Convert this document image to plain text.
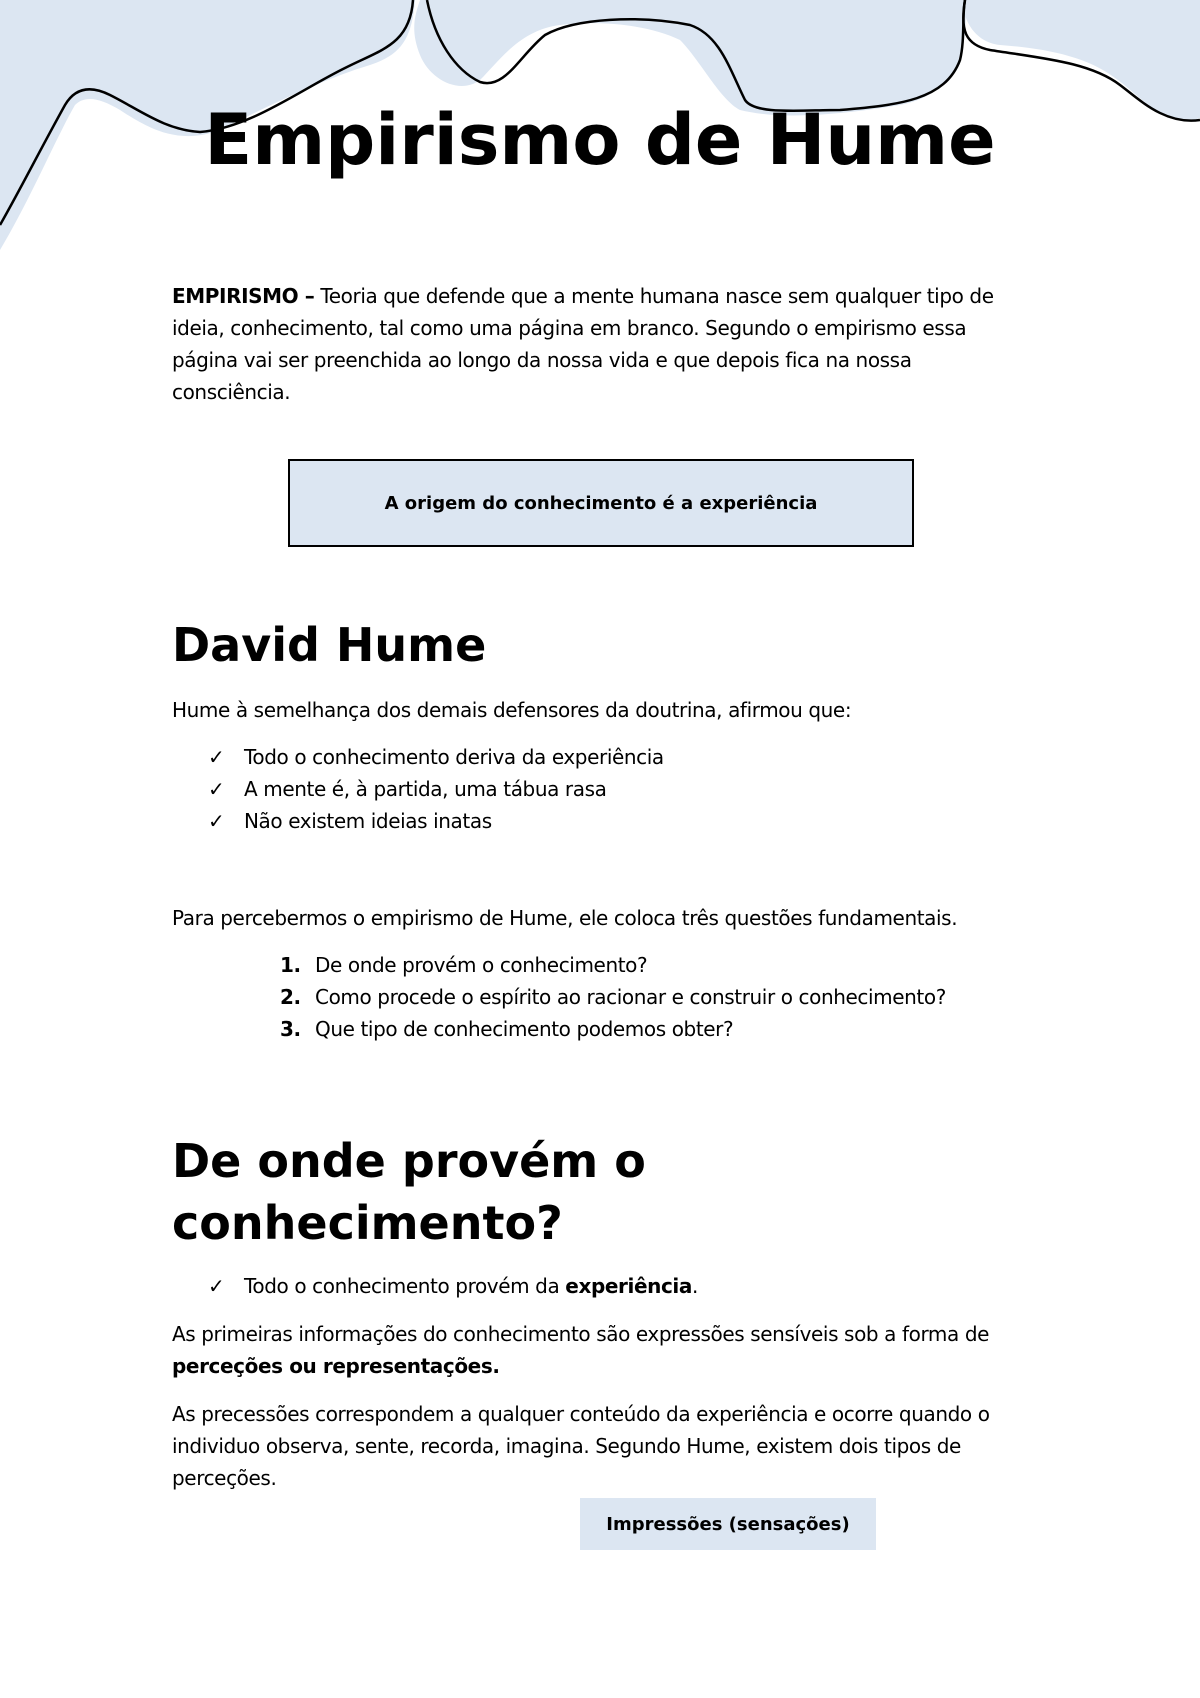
Empirismo de Hume

EMPIRISMO – Teoria que defende que a mente humana nasce sem qualquer tipo de ideia, conhecimento, tal como uma página em branco. Segundo o empirismo essa página vai ser preenchida ao longo da nossa vida e que depois fica na nossa consciência.

A origem do conhecimento é a experiência
David Hume

Hume à semelhança dos demais defensores da doutrina, afirmou que:

✓ Todo o conhecimento deriva da experiência
✓ A mente é, à partida, uma tábua rasa
✓ Não existem ideias inatas

Para percebermos o empirismo de Hume, ele coloca três questões fundamentais.

1. De onde provém o conhecimento?
2. Como procede o espírito ao racionar e construir o conhecimento?
3. Que tipo de conhecimento podemos obter?
De onde provém o
conhecimento?
✓ Todo o conhecimento provém da experiência .

As primeiras informações do conhecimento são expressões sensíveis sob a forma de perceções ou representações.

As precessões correspondem a qualquer conteúdo da experiência e ocorre quando o individuo observa, sente, recorda, imagina. Segundo Hume, existem dois tipos de perceções.

Impressões (sensações)
